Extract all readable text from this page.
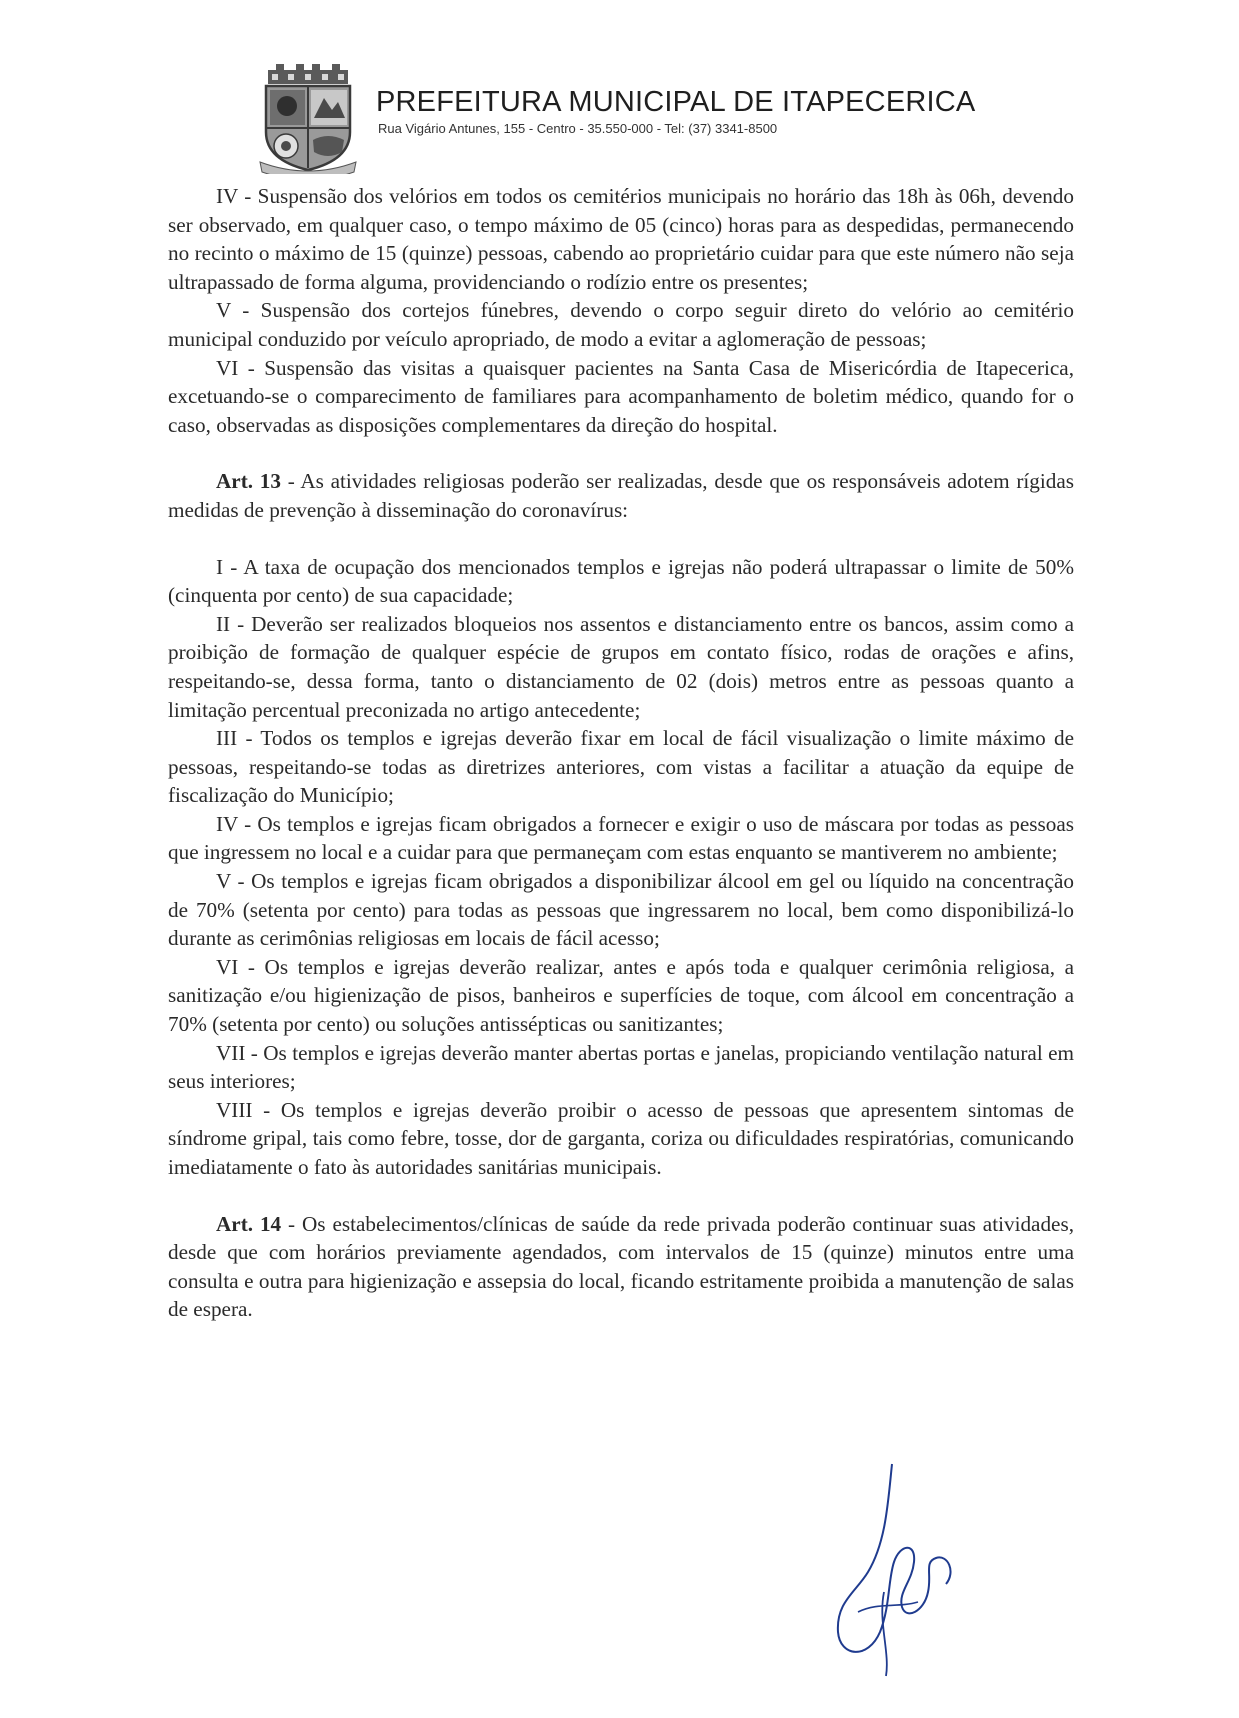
PREFEITURA MUNICIPAL DE ITAPECERICA
Rua Vigário Antunes, 155 - Centro - 35.550-000 - Tel: (37) 3341-8500

IV - Suspensão dos velórios em todos os cemitérios municipais no horário das 18h às 06h, devendo ser observado, em qualquer caso, o tempo máximo de 05 (cinco) horas para as despedidas, permanecendo no recinto o máximo de 15 (quinze) pessoas, cabendo ao proprietário cuidar para que este número não seja ultrapassado de forma alguma, providenciando o rodízio entre os presentes;

V - Suspensão dos cortejos fúnebres, devendo o corpo seguir direto do velório ao cemitério municipal conduzido por veículo apropriado, de modo a evitar a aglomeração de pessoas;

VI - Suspensão das visitas a quaisquer pacientes na Santa Casa de Misericórdia de Itapecerica, excetuando-se o comparecimento de familiares para acompanhamento de boletim médico, quando for o caso, observadas as disposições complementares da direção do hospital.

Art. 13 - As atividades religiosas poderão ser realizadas, desde que os responsáveis adotem rígidas medidas de prevenção à disseminação do coronavírus:

I - A taxa de ocupação dos mencionados templos e igrejas não poderá ultrapassar o limite de 50% (cinquenta por cento) de sua capacidade;

II - Deverão ser realizados bloqueios nos assentos e distanciamento entre os bancos, assim como a proibição de formação de qualquer espécie de grupos em contato físico, rodas de orações e afins, respeitando-se, dessa forma, tanto o distanciamento de 02 (dois) metros entre as pessoas quanto a limitação percentual preconizada no artigo antecedente;

III - Todos os templos e igrejas deverão fixar em local de fácil visualização o limite máximo de pessoas, respeitando-se todas as diretrizes anteriores, com vistas a facilitar a atuação da equipe de fiscalização do Município;

IV - Os templos e igrejas ficam obrigados a fornecer e exigir o uso de máscara por todas as pessoas que ingressem no local e a cuidar para que permaneçam com estas enquanto se mantiverem no ambiente;

V - Os templos e igrejas ficam obrigados a disponibilizar álcool em gel ou líquido na concentração de 70% (setenta por cento) para todas as pessoas que ingressarem no local, bem como disponibilizá-lo durante as cerimônias religiosas em locais de fácil acesso;

VI - Os templos e igrejas deverão realizar, antes e após toda e qualquer cerimônia religiosa, a sanitização e/ou higienização de pisos, banheiros e superfícies de toque, com álcool em concentração a 70% (setenta por cento) ou soluções antissépticas ou sanitizantes;

VII - Os templos e igrejas deverão manter abertas portas e janelas, propiciando ventilação natural em seus interiores;

VIII - Os templos e igrejas deverão proibir o acesso de pessoas que apresentem sintomas de síndrome gripal, tais como febre, tosse, dor de garganta, coriza ou dificuldades respiratórias, comunicando imediatamente o fato às autoridades sanitárias municipais.

Art. 14 - Os estabelecimentos/clínicas de saúde da rede privada poderão continuar suas atividades, desde que com horários previamente agendados, com intervalos de 15 (quinze) minutos entre uma consulta e outra para higienização e assepsia do local, ficando estritamente proibida a manutenção de salas de espera.
